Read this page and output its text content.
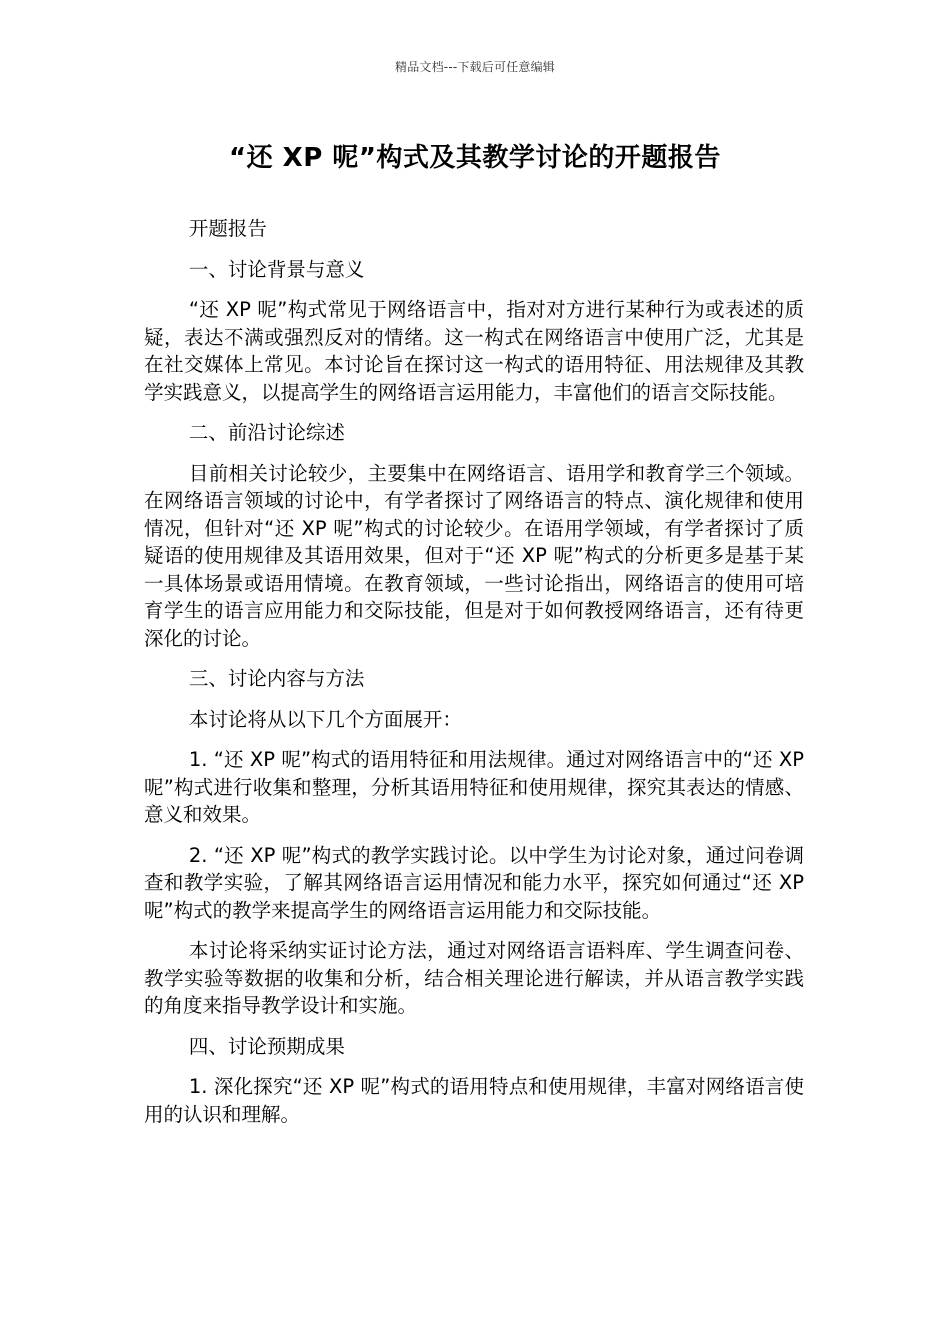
精品文档---下载后可任意编辑
“还 XP 呢”构式及其教学讨论的开题报告

开题报告

一、讨论背景与意义

“还 XP 呢”构式常见于网络语言中，指对对方进行某种行为或表述的质疑，表达不满或强烈反对的情绪。这一构式在网络语言中使用广泛，尤其是在社交媒体上常见。本讨论旨在探讨这一构式的语用特征、用法规律及其教学实践意义，以提高学生的网络语言运用能力，丰富他们的语言交际技能。

二、前沿讨论综述

目前相关讨论较少，主要集中在网络语言、语用学和教育学三个领域。在网络语言领域的讨论中，有学者探讨了网络语言的特点、演化规律和使用情况，但针对“还 XP 呢”构式的讨论较少。在语用学领域，有学者探讨了质疑语的使用规律及其语用效果，但对于“还 XP 呢”构式的分析更多是基于某一具体场景或语用情境。在教育领域，一些讨论指出，网络语言的使用可培育学生的语言应用能力和交际技能，但是对于如何教授网络语言，还有待更深化的讨论。

三、讨论内容与方法

本讨论将从以下几个方面展开：

1. “还 XP 呢”构式的语用特征和用法规律。通过对网络语言中的“还 XP 呢”构式进行收集和整理，分析其语用特征和使用规律，探究其表达的情感、意义和效果。

2. “还 XP 呢”构式的教学实践讨论。以中学生为讨论对象，通过问卷调查和教学实验，了解其网络语言运用情况和能力水平，探究如何通过“还 XP 呢”构式的教学来提高学生的网络语言运用能力和交际技能。

本讨论将采纳实证讨论方法，通过对网络语言语料库、学生调查问卷、教学实验等数据的收集和分析，结合相关理论进行解读，并从语言教学实践的角度来指导教学设计和实施。

四、讨论预期成果

1. 深化探究“还 XP 呢”构式的语用特点和使用规律，丰富对网络语言使用的认识和理解。
